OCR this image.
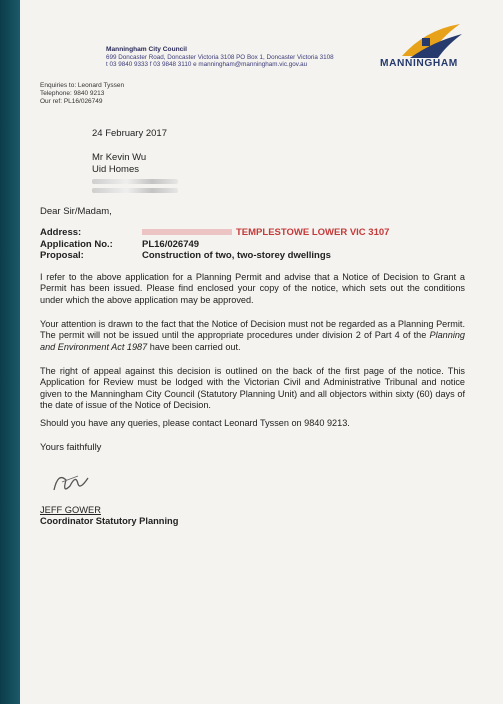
Manningham City Council
699 Doncaster Road, Doncaster Victoria 3108 PO Box 1, Doncaster Victoria 3108
t 03 9840 9333 f 03 9848 3110 e manningham@manningham.vic.gov.au	MANNINGHAM
Enquiries to: Leonard Tyssen
Telephone: 9840 9213
Our ref: PL16/026749
24 February 2017
Mr Kevin Wu
Uid Homes
Dear Sir/Madam,
Address:	TEMPLESTOWE LOWER VIC 3107
Application No.:	PL16/026749
Proposal:	Construction of two, two-storey dwellings
I refer to the above application for a Planning Permit and advise that a Notice of Decision to Grant a Permit has been issued. Please find enclosed your copy of the notice, which sets out the conditions under which the above application may be approved.
Your attention is drawn to the fact that the Notice of Decision must not be regarded as a Planning Permit. The permit will not be issued until the appropriate procedures under division 2 of Part 4 of the Planning and Environment Act 1987 have been carried out.
The right of appeal against this decision is outlined on the back of the first page of the notice. This Application for Review must be lodged with the Victorian Civil and Administrative Tribunal and notice given to the Manningham City Council (Statutory Planning Unit) and all objectors within sixty (60) days of the date of issue of the Notice of Decision.
Should you have any queries, please contact Leonard Tyssen on 9840 9213.
Yours faithfully
JEFF GOWER
Coordinator Statutory Planning
